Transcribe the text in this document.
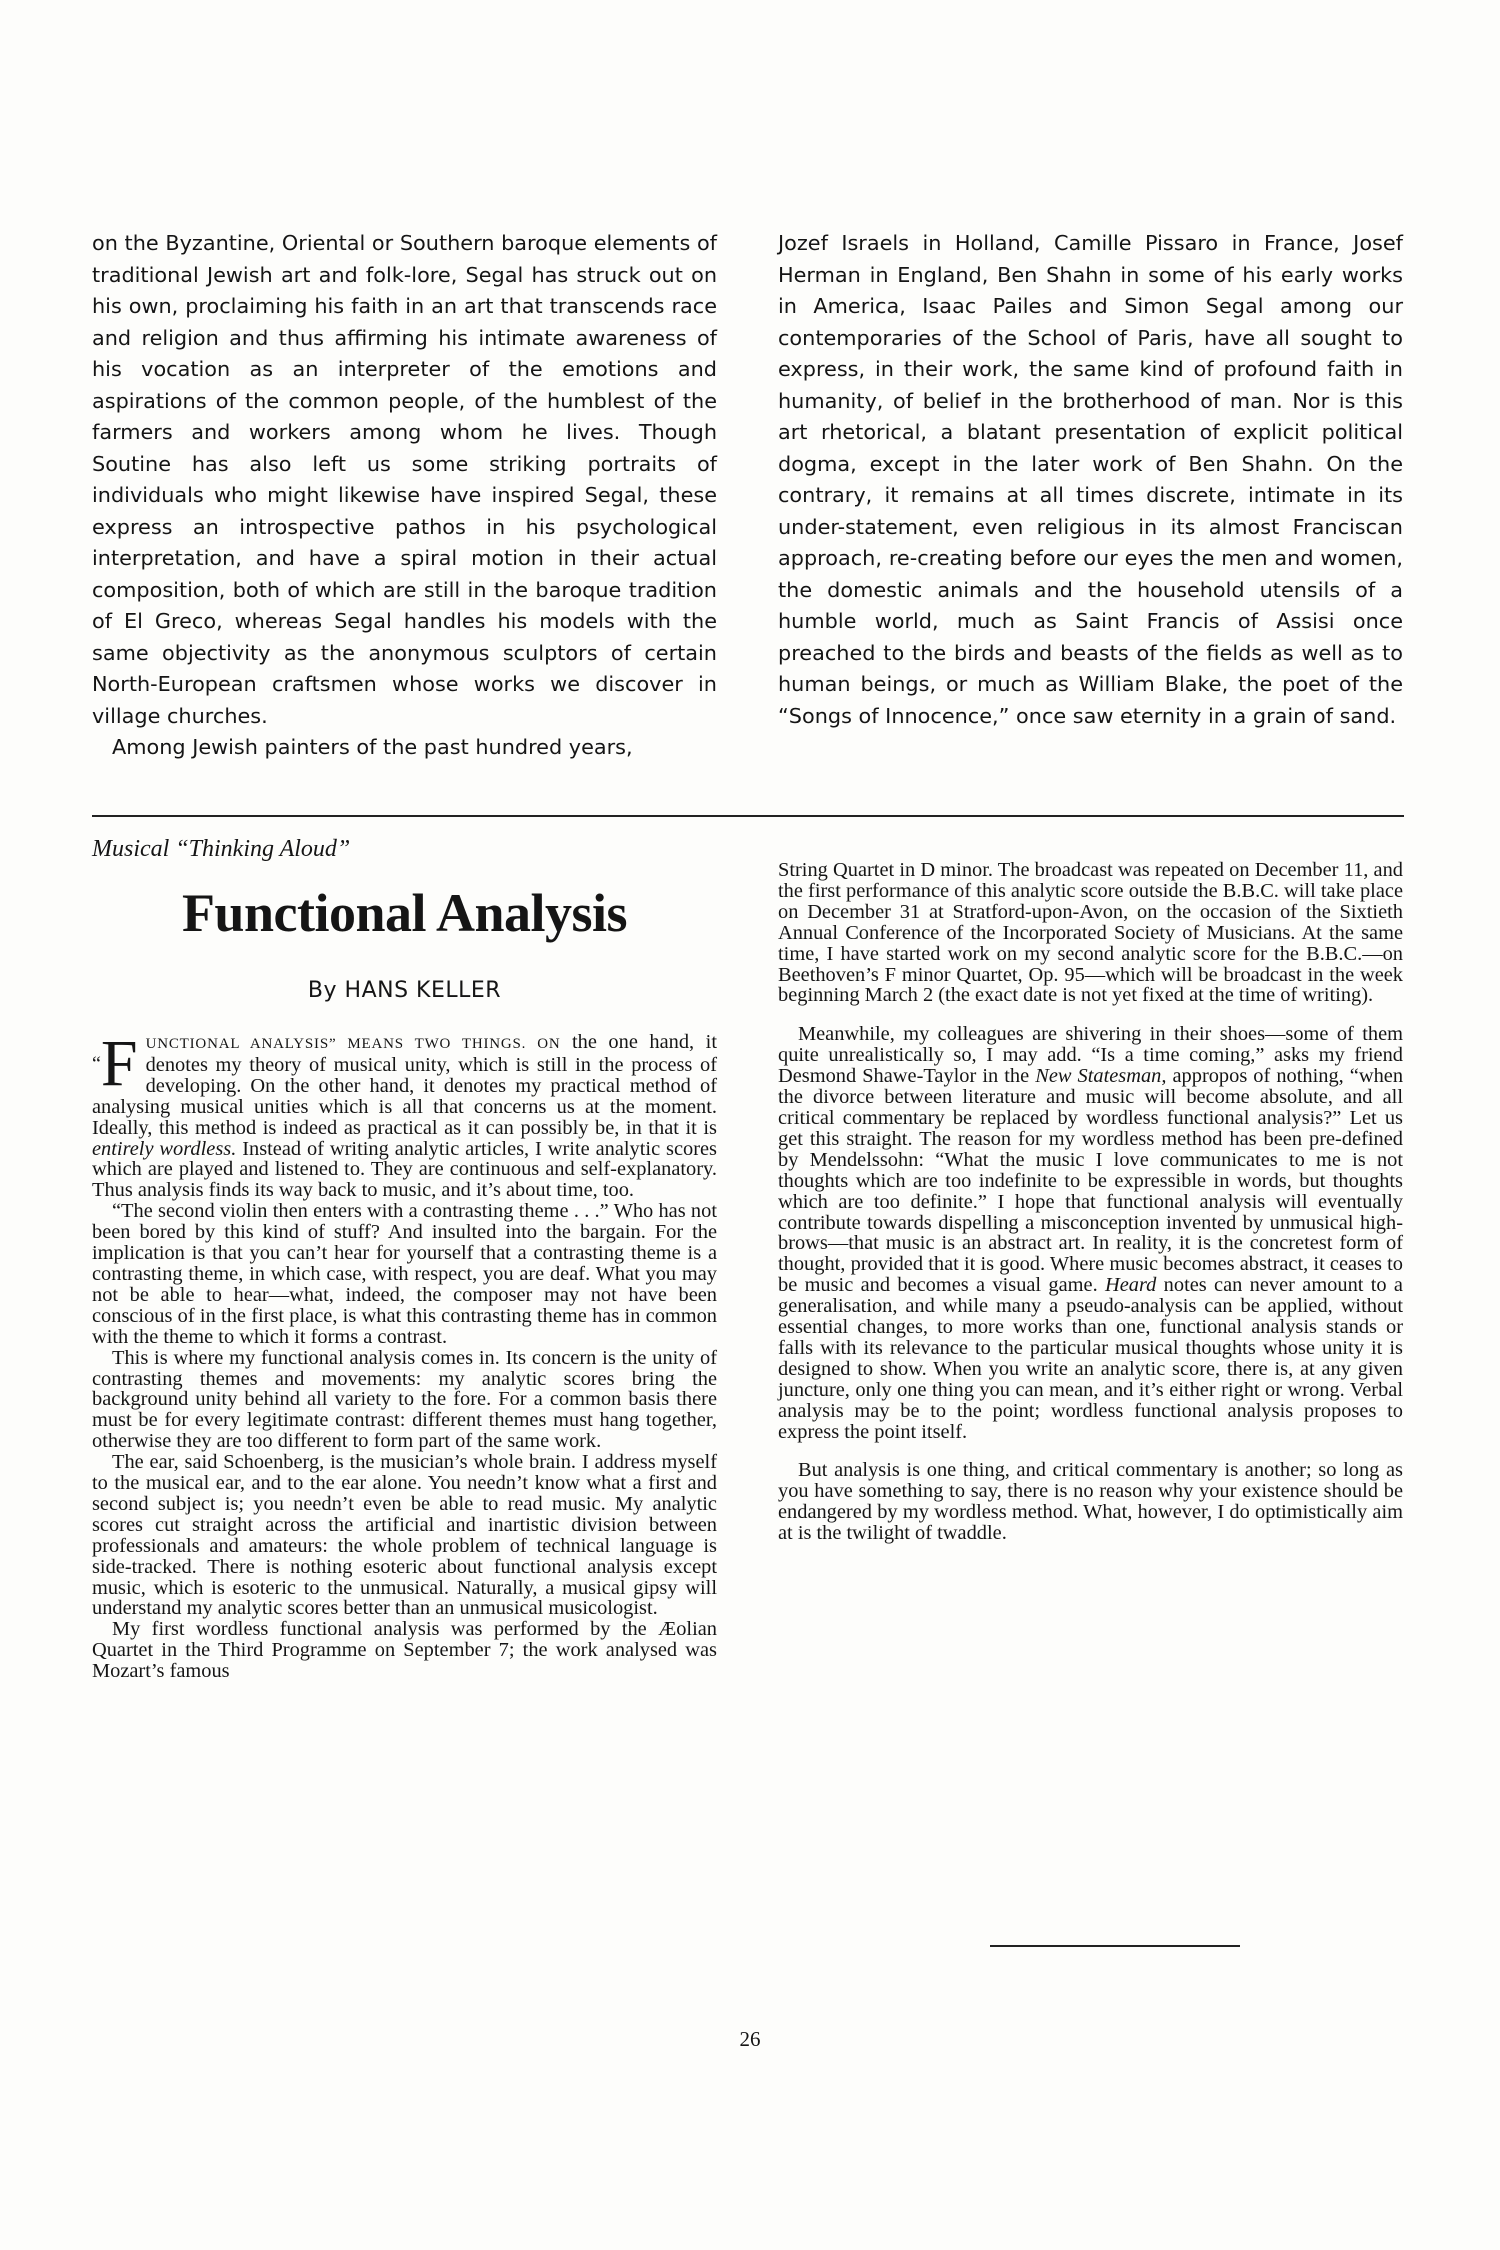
on the Byzantine, Oriental or Southern baroque elements of traditional Jewish art and folk-lore, Segal has struck out on his own, proclaiming his faith in an art that transcends race and religion and thus affirming his intimate awareness of his vocation as an interpreter of the emotions and aspirations of the common people, of the humblest of the farmers and workers among whom he lives. Though Soutine has also left us some striking portraits of individuals who might likewise have inspired Segal, these express an introspective pathos in his psychological interpretation, and have a spiral motion in their actual composition, both of which are still in the baroque tradition of El Greco, whereas Segal handles his models with the same objectivity as the anonymous sculptors of certain North-European craftsmen whose works we discover in village churches.

Among Jewish painters of the past hundred years,

Jozef Israels in Holland, Camille Pissaro in France, Josef Herman in England, Ben Shahn in some of his early works in America, Isaac Pailes and Simon Segal among our contemporaries of the School of Paris, have all sought to express, in their work, the same kind of profound faith in humanity, of belief in the brotherhood of man. Nor is this art rhetorical, a blatant presentation of explicit political dogma, except in the later work of Ben Shahn. On the contrary, it remains at all times discrete, intimate in its under-statement, even religious in its almost Franciscan approach, re-creating before our eyes the men and women, the domestic animals and the household utensils of a humble world, much as Saint Francis of Assisi once preached to the birds and beasts of the fields as well as to human beings, or much as William Blake, the poet of the “Songs of Innocence,” once saw eternity in a grain of sand.

Musical “Thinking Aloud”
Functional Analysis
By HANS KELLER

“F UNCTIONAL ANALYSIS” MEANS TWO THINGS. ON the one hand, it denotes my theory of musical unity, which is still in the process of developing. On the other hand, it denotes my practical method of analysing musical unities which is all that concerns us at the moment. Ideally, this method is indeed as practical as it can possibly be, in that it is entirely wordless. Instead of writing analytic articles, I write analytic scores which are played and listened to. They are continuous and self-explanatory. Thus analysis finds its way back to music, and it’s about time, too.

“The second violin then enters with a contrasting theme . . .” Who has not been bored by this kind of stuff? And insulted into the bargain. For the implication is that you can’t hear for yourself that a contrasting theme is a contrasting theme, in which case, with respect, you are deaf. What you may not be able to hear—what, indeed, the composer may not have been conscious of in the first place, is what this contrasting theme has in common with the theme to which it forms a contrast.

This is where my functional analysis comes in. Its concern is the unity of contrasting themes and movements: my analytic scores bring the background unity behind all variety to the fore. For a common basis there must be for every legitimate contrast: different themes must hang together, otherwise they are too different to form part of the same work.

The ear, said Schoenberg, is the musician’s whole brain. I address myself to the musical ear, and to the ear alone. You needn’t know what a first and second subject is; you needn’t even be able to read music. My analytic scores cut straight across the artificial and inartistic division between professionals and amateurs: the whole problem of technical language is side-tracked. There is nothing esoteric about functional analysis except music, which is esoteric to the unmusical. Naturally, a musical gipsy will understand my analytic scores better than an unmusical musicologist.

My first wordless functional analysis was performed by the Æolian Quartet in the Third Programme on September 7; the work analysed was Mozart’s famous

String Quartet in D minor. The broadcast was repeated on December 11, and the first performance of this analytic score outside the B.B.C. will take place on December 31 at Stratford-upon-Avon, on the occasion of the Sixtieth Annual Conference of the Incorporated Society of Musicians. At the same time, I have started work on my second analytic score for the B.B.C.—on Beethoven’s F minor Quartet, Op. 95—which will be broadcast in the week beginning March 2 (the exact date is not yet fixed at the time of writing).

Meanwhile, my colleagues are shivering in their shoes—some of them quite unrealistically so, I may add. “Is a time coming,” asks my friend Desmond Shawe-Taylor in the New Statesman, appropos of nothing, “when the divorce between literature and music will become absolute, and all critical commentary be replaced by wordless functional analysis?” Let us get this straight. The reason for my wordless method has been pre-defined by Mendelssohn: “What the music I love communicates to me is not thoughts which are too indefinite to be expressible in words, but thoughts which are too definite.” I hope that functional analysis will eventually contribute towards dispelling a misconception invented by unmusical high-brows—that music is an abstract art. In reality, it is the concretest form of thought, provided that it is good. Where music becomes abstract, it ceases to be music and becomes a visual game. Heard notes can never amount to a generalisation, and while many a pseudo-analysis can be applied, without essential changes, to more works than one, functional analysis stands or falls with its relevance to the particular musical thoughts whose unity it is designed to show. When you write an analytic score, there is, at any given juncture, only one thing you can mean, and it’s either right or wrong. Verbal analysis may be to the point; wordless functional analysis proposes to express the point itself.

But analysis is one thing, and critical commentary is another; so long as you have something to say, there is no reason why your existence should be endangered by my wordless method. What, however, I do optimistically aim at is the twilight of twaddle.

26
